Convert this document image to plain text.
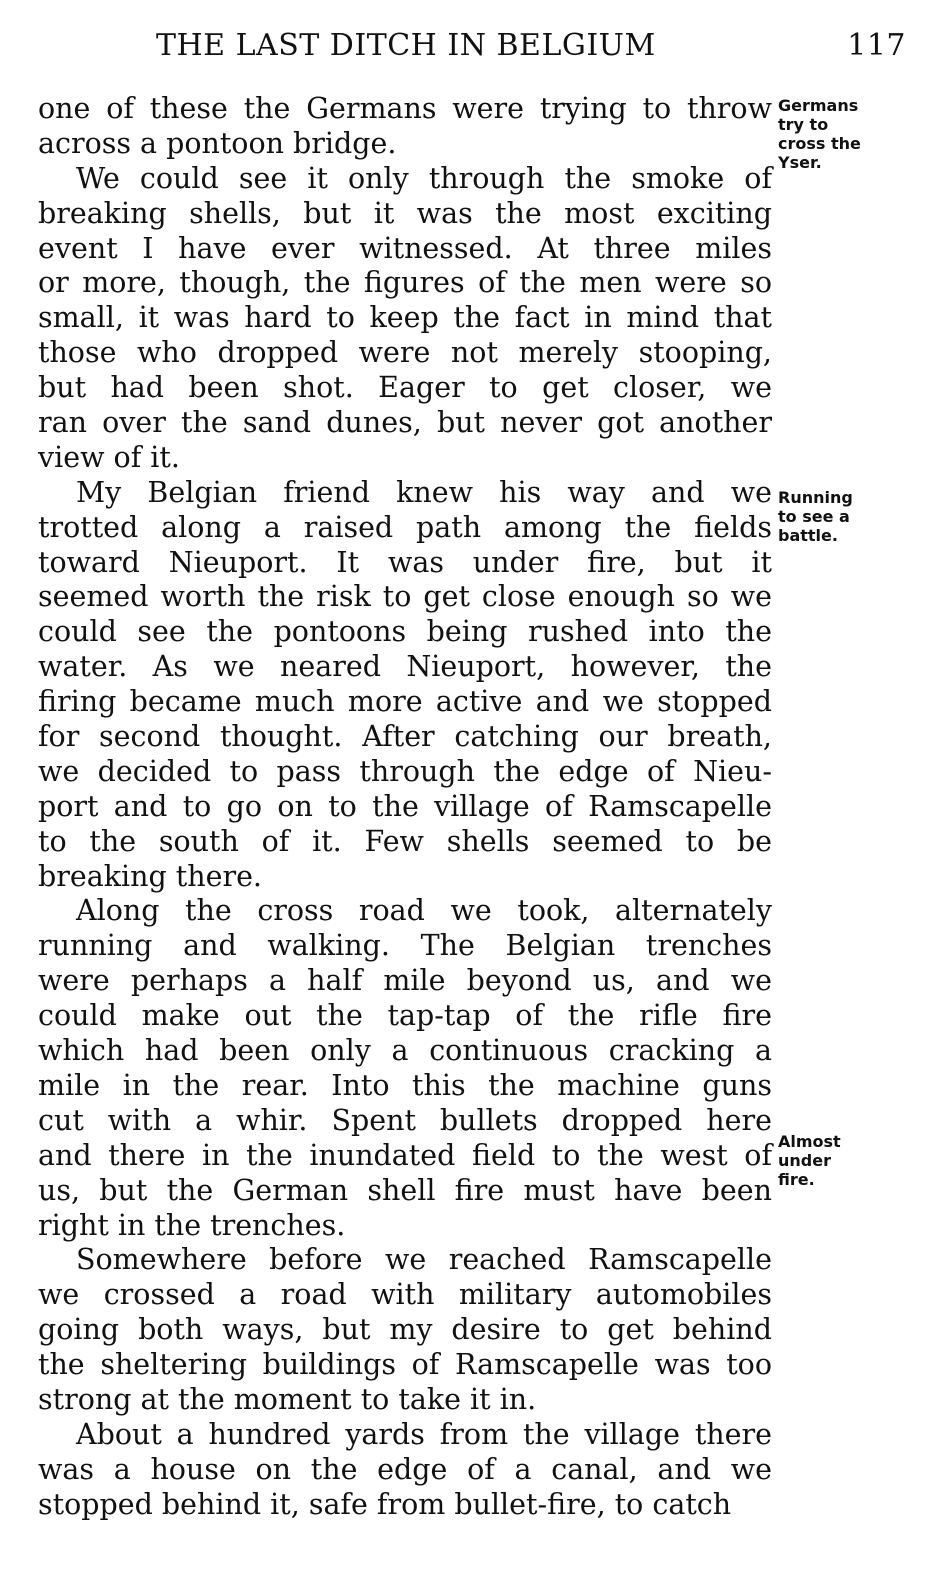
THE LAST DITCH IN BELGIUM	117
one of these the Germans were trying to throw
across a pontoon bridge.
We could see it only through the smoke of
breaking shells, but it was the most exciting
event I have ever witnessed. At three miles
or more, though, the figures of the men were so
small, it was hard to keep the fact in mind that
those who dropped were not merely stooping,
but had been shot. Eager to get closer, we
ran over the sand dunes, but never got another
view of it.
My Belgian friend knew his way and we
trotted along a raised path among the fields
toward Nieuport. It was under fire, but it
seemed worth the risk to get close enough so we
could see the pontoons being rushed into the
water. As we neared Nieuport, however, the
firing became much more active and we stopped
for second thought. After catching our breath,
we decided to pass through the edge of Nieu-
port and to go on to the village of Ramscapelle
to the south of it. Few shells seemed to be
breaking there.
Along the cross road we took, alternately
running and walking. The Belgian trenches
were perhaps a half mile beyond us, and we
could make out the tap-tap of the rifle fire
which had been only a continuous cracking a
mile in the rear. Into this the machine guns
cut with a whir. Spent bullets dropped here
and there in the inundated field to the west of
us, but the German shell fire must have been
right in the trenches.
Somewhere before we reached Ramscapelle
we crossed a road with military automobiles
going both ways, but my desire to get behind
the sheltering buildings of Ramscapelle was too
strong at the moment to take it in.
About a hundred yards from the village there
was a house on the edge of a canal, and we
stopped behind it, safe from bullet-fire, to catch
Germans
try to
cross the
Yser.
Running
to see a
battle.
Almost
under
fire.
